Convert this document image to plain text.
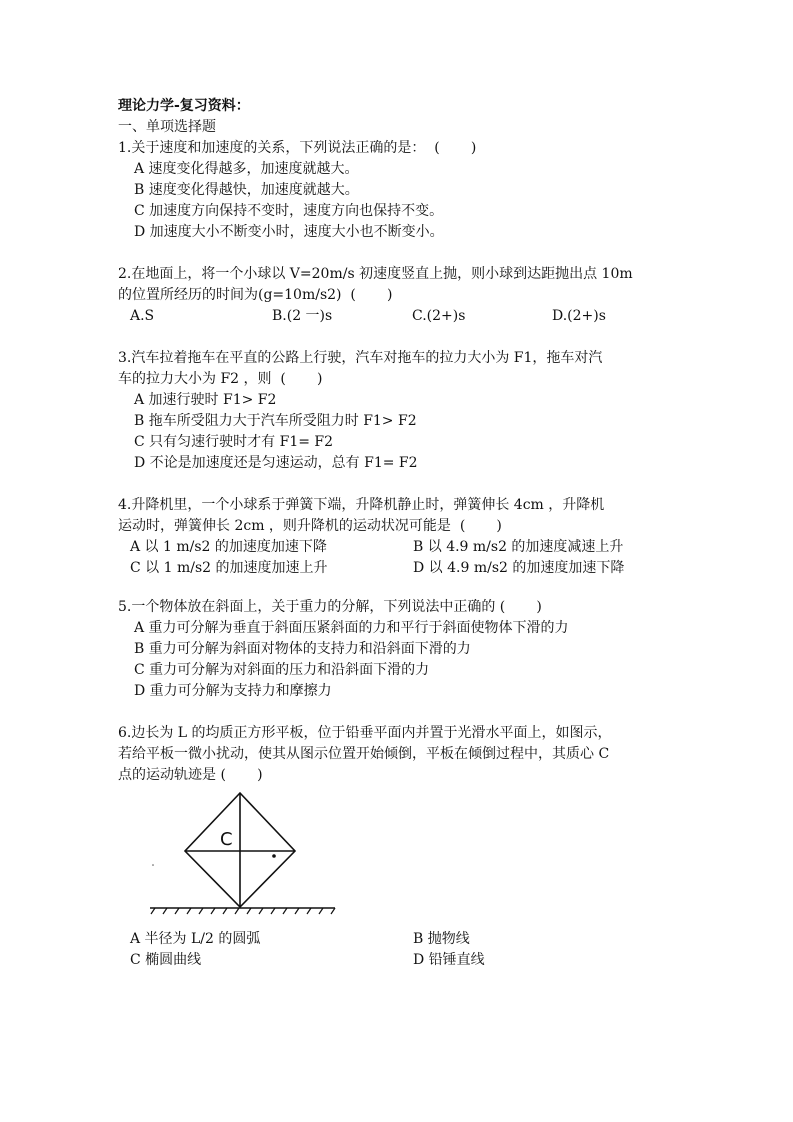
理论力学-复习资料：
一、单项选择题
1.关于速度和加速度的关系，下列说法正确的是：  (       )
A 速度变化得越多，加速度就越大。
B 速度变化得越快，加速度就越大。
C 加速度方向保持不变时，速度方向也保持不变。
D 加速度大小不断变小时，速度大小也不断变小。
2.在地面上，将一个小球以 V=20m/s 初速度竖直上抛，则小球到达距抛出点 10m
的位置所经历的时间为(g=10m/s2)  (       )
A.S	B.(2 一)s	C.(2+)s	D.(2+)s
3.汽车拉着拖车在平直的公路上行驶，汽车对拖车的拉力大小为 F1，拖车对汽
车的拉力大小为 F2 ，则  (       )
A 加速行驶时 F1> F2
B 拖车所受阻力大于汽车所受阻力时 F1> F2
C 只有匀速行驶时才有 F1= F2
D 不论是加速度还是匀速运动，总有 F1= F2
4.升降机里，一个小球系于弹簧下端，升降机静止时，弹簧伸长 4cm ，升降机
运动时，弹簧伸长 2cm ，则升降机的运动状况可能是  (       )
A 以 1 m/s2 的加速度加速下降	B 以 4.9 m/s2 的加速度减速上升
C 以 1 m/s2 的加速度加速上升	D 以 4.9 m/s2 的加速度加速下降
5.一个物体放在斜面上，关于重力的分解，下列说法中正确的 (       )
A 重力可分解为垂直于斜面压紧斜面的力和平行于斜面使物体下滑的力
B 重力可分解为斜面对物体的支持力和沿斜面下滑的力
C 重力可分解为对斜面的压力和沿斜面下滑的力
D 重力可分解为支持力和摩擦力
6.边长为 L 的均质正方形平板，位于铅垂平面内并置于光滑水平面上，如图示，
若给平板一微小扰动，使其从图示位置开始倾倒，平板在倾倒过程中，其质心 C
点的运动轨迹是 (       )
C
A 半径为 L/2 的圆弧	B 抛物线
C 椭圆曲线	D 铅锤直线
